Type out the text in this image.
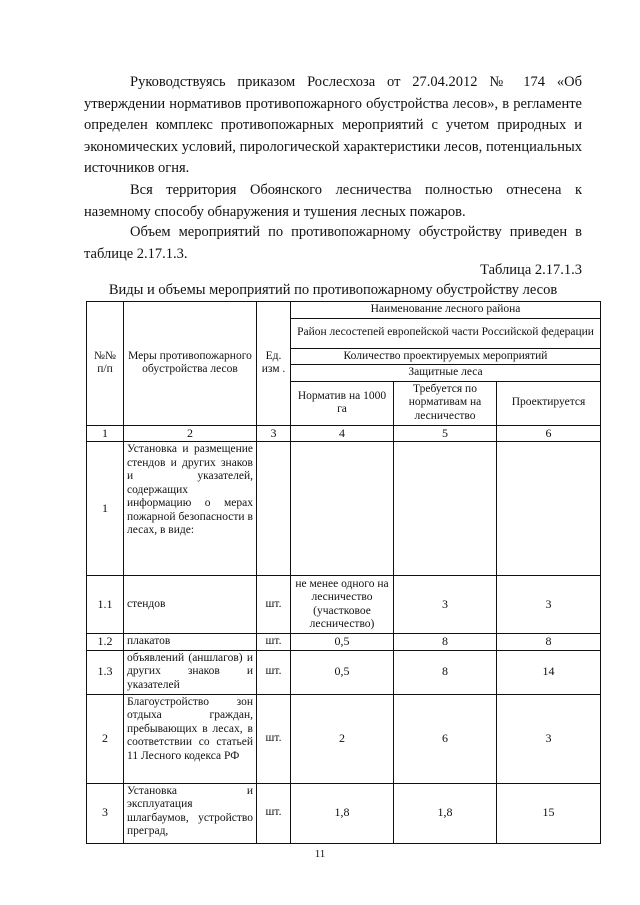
Руководствуясь приказом Рослесхоза от 27.04.2012 № 174 «Об утверждении нормативов противопожарного обустройства лесов», в регламенте определен комплекс противопожарных мероприятий с учетом природных и экономических условий, пирологической характеристики лесов, потенциальных источников огня.

Вся территория Обоянского лесничества полностью отнесена к наземному способу обнаружения и тушения лесных пожаров.

Объем мероприятий по противопожарному обустройству приведен в таблице 2.17.1.3.

Таблица 2.17.1.3

Виды и объемы мероприятий по противопожарному обустройству лесов

№№ п/п	Меры противопожарного обустройства лесов	Ед. изм .	Наименование лесного района		
			Район лесостепей европейской части Российской федерации		
			Количество проектируемых мероприятий		
			Защитные леса		
			Норматив на 1000 га	Требуется по нормативам на лесничество	Проектируется
1	2	3	4	5	6
1	Установка и размещение стендов и других знаков и указателей, содержащих информацию о мерах пожарной безопасности в лесах, в виде:				
1.1	стендов	шт.	не менее одного на лесничество (участковое лесничество)	3	3
1.2	плакатов	шт.	0,5	8	8
1.3	объявлений (аншлагов) и других знаков и указателей	шт.	0,5	8	14
2	Благоустройство зон отдыха граждан, пребывающих в лесах, в соответствии со статьей 11 Лесного кодекса РФ	шт.	2	6	3
3	Установка и эксплуатация шлагбаумов, устройство преград,	шт.	1,8	1,8	15
11
